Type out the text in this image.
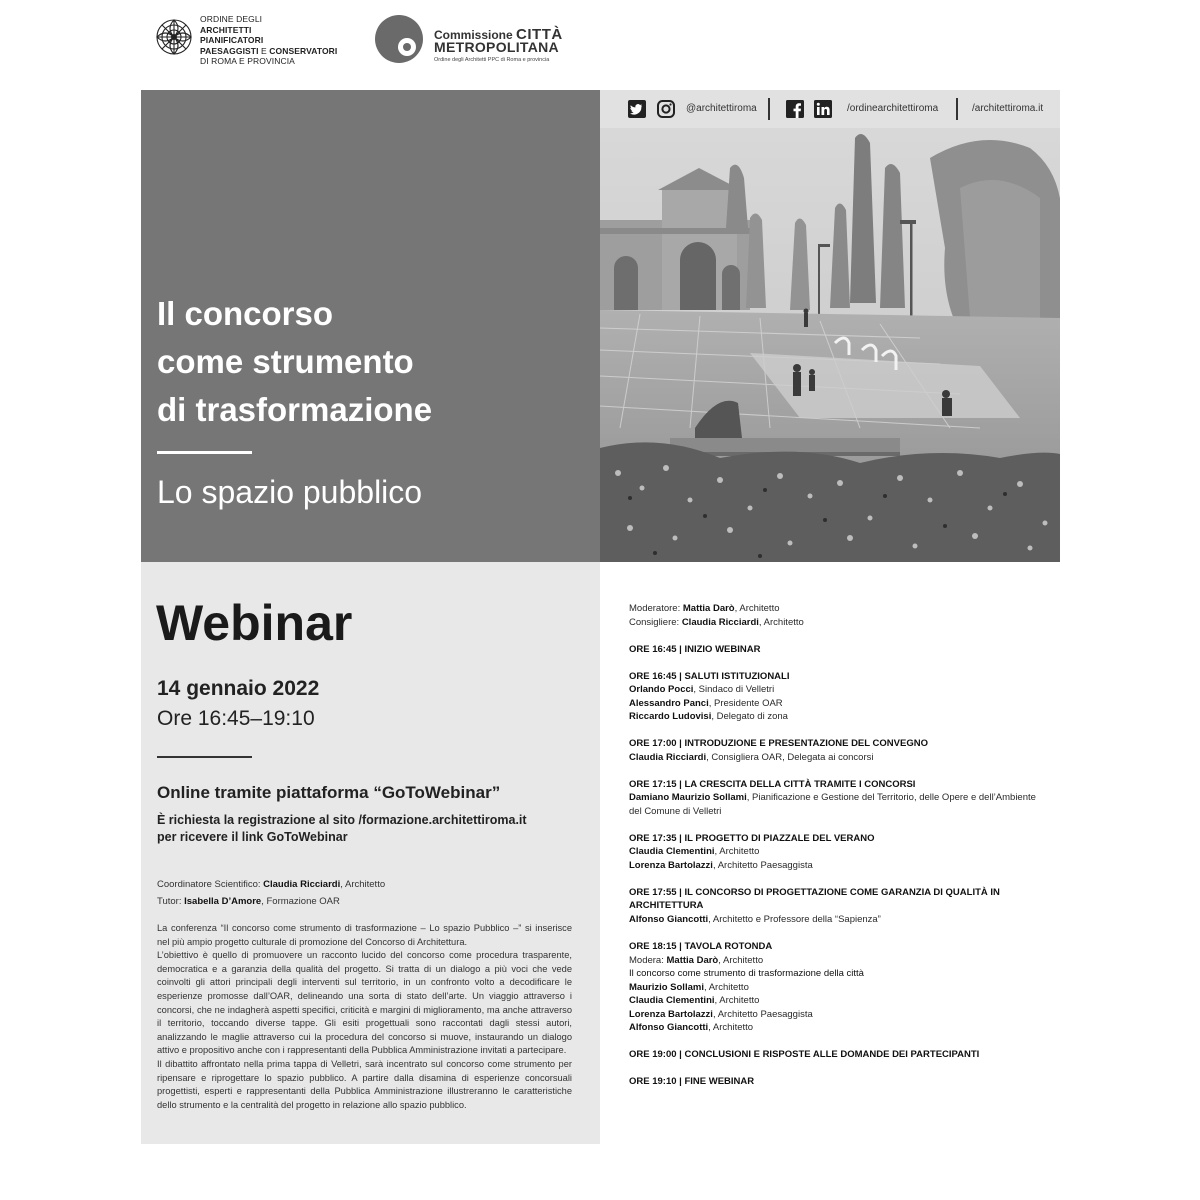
ORDINE DEGLI
ARCHITETTI
PIANIFICATORI
PAESAGGISTI E CONSERVATORI
DI ROMA E PROVINCIA
Commissione CITTÀ
METROPOLITANA
Ordine degli Architetti PPC di Roma e provincia
Il concorso
come strumento
di trasformazione
Lo spazio pubblico
@architettiroma	/ordinearchitettiroma	/architettiroma.it
Webinar
14 gennaio 2022
Ore 16:45–19:10
Online tramite piattaforma “GoToWebinar”
È richiesta la registrazione al sito /formazione.architettiroma.it
per ricevere il link GoToWebinar
Coordinatore Scientifico: Claudia Ricciardi, Architetto
Tutor: Isabella D’Amore, Formazione OAR

La conferenza “Il concorso come strumento di trasformazione – Lo spazio Pubblico –” si inserisce nel più ampio progetto culturale di promozione del Concorso di Architettura.

L’obiettivo è quello di promuovere un racconto lucido del concorso come procedura trasparente, democratica e a garanzia della qualità del progetto. Si tratta di un dialogo a più voci che vede coinvolti gli attori principali degli interventi sul territorio, in un confronto volto a decodificare le esperienze promosse dall’OAR, delineando una sorta di stato dell’arte. Un viaggio attraverso i concorsi, che ne indagherà aspetti specifici, criticità e margini di miglioramento, ma anche attraverso il territorio, toccando diverse tappe. Gli esiti progettuali sono raccontati dagli stessi autori, analizzando le maglie attraverso cui la procedura del concorso si muove, instaurando un dialogo attivo e propositivo anche con i rappresentanti della Pubblica Amministrazione invitati a partecipare.

Il dibattito affrontato nella prima tappa di Velletri, sarà incentrato sul concorso come strumento per ripensare e riprogettare lo spazio pubblico. A partire dalla disamina di esperienze concorsuali progettisti, esperti e rappresentanti della Pubblica Amministrazione illustreranno le caratteristiche dello strumento e la centralità del progetto in relazione allo spazio pubblico.

Moderatore: Mattia Darò, Architetto
Consigliere: Claudia Ricciardi, Architetto
ORE 16:45 | INIZIO WEBINAR
ORE 16:45 | SALUTI ISTITUZIONALI
Orlando Pocci, Sindaco di Velletri
Alessandro Panci, Presidente OAR
Riccardo Ludovisi, Delegato di zona
ORE 17:00 | INTRODUZIONE E PRESENTAZIONE DEL CONVEGNO
Claudia Ricciardi, Consigliera OAR, Delegata ai concorsi
ORE 17:15 | LA CRESCITA DELLA CITTÀ TRAMITE I CONCORSI
Damiano Maurizio Sollami, Pianificazione e Gestione del Territorio, delle Opere e dell’Ambiente
del Comune di Velletri
ORE 17:35 | IL PROGETTO DI PIAZZALE DEL VERANO
Claudia Clementini, Architetto
Lorenza Bartolazzi, Architetto Paesaggista
ORE 17:55 | IL CONCORSO DI PROGETTAZIONE COME GARANZIA DI QUALITÀ IN
ARCHITETTURA
Alfonso Giancotti, Architetto e Professore della “Sapienza”
ORE 18:15 | TAVOLA ROTONDA
Modera: Mattia Darò, Architetto
Il concorso come strumento di trasformazione della città
Maurizio Sollami, Architetto
Claudia Clementini, Architetto
Lorenza Bartolazzi, Architetto Paesaggista
Alfonso Giancotti, Architetto
ORE 19:00 | CONCLUSIONI E RISPOSTE ALLE DOMANDE DEI PARTECIPANTI
ORE 19:10 | FINE WEBINAR
